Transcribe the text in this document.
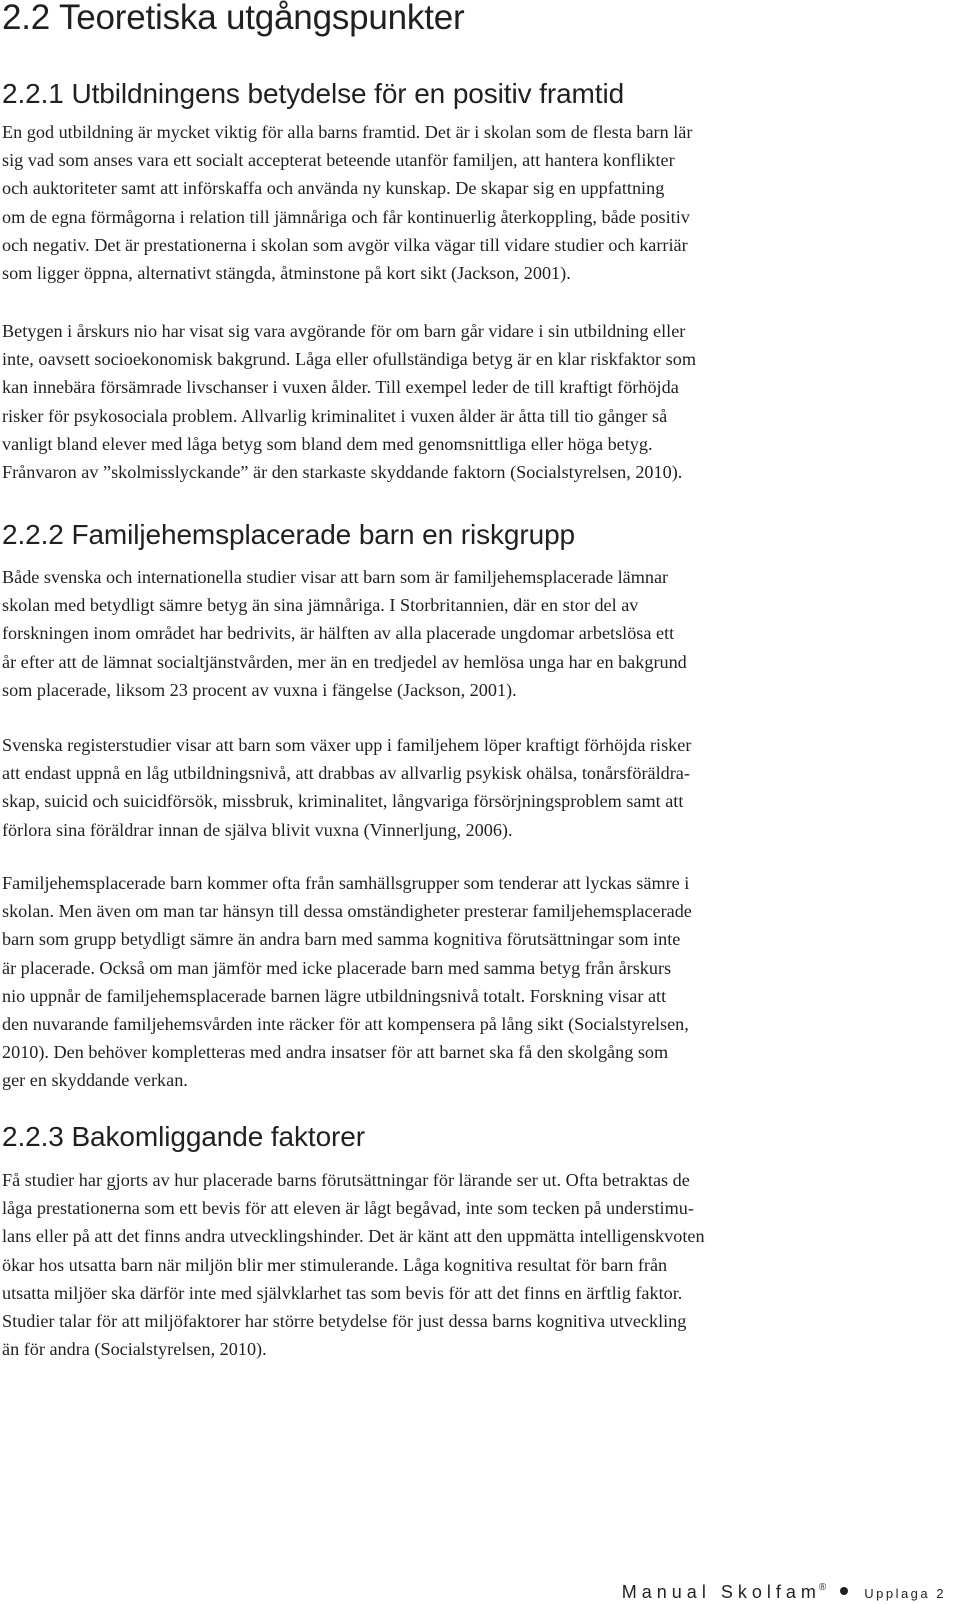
2.2 Teoretiska utgångspunkter
2.2.1 Utbildningens betydelse för en positiv framtid

En god utbildning är mycket viktig för alla barns framtid. Det är i skolan som de flesta barn lär
sig vad som anses vara ett socialt accepterat beteende utanför familjen, att hantera konflikter
och auktoriteter samt att införskaffa och använda ny kunskap. De skapar sig en uppfattning
om de egna förmågorna i relation till jämnåriga och får kontinuerlig återkoppling, både positiv
och negativ. Det är prestationerna i skolan som avgör vilka vägar till vidare studier och karriär
som ligger öppna, alternativt stängda, åtminstone på kort sikt (Jackson, 2001).

Betygen i årskurs nio har visat sig vara avgörande för om barn går vidare i sin utbildning eller
inte, oavsett socioekonomisk bakgrund. Låga eller ofullständiga betyg är en klar riskfaktor som
kan innebära försämrade livschanser i vuxen ålder. Till exempel leder de till kraftigt förhöjda
risker för psykosociala problem. Allvarlig kriminalitet i vuxen ålder är åtta till tio gånger så
vanligt bland elever med låga betyg som bland dem med genomsnittliga eller höga betyg.
Frånvaron av ”skolmisslyckande” är den starkaste skyddande faktorn (Socialstyrelsen, 2010).

2.2.2 Familjehemsplacerade barn en riskgrupp

Både svenska och internationella studier visar att barn som är familjehemsplacerade lämnar
skolan med betydligt sämre betyg än sina jämnåriga. I Storbritannien, där en stor del av
forskningen inom området har bedrivits, är hälften av alla placerade ungdomar arbetslösa ett
år efter att de lämnat socialtjänstvården, mer än en tredjedel av hemlösa unga har en bakgrund
som placerade, liksom 23 procent av vuxna i fängelse (Jackson, 2001).

Svenska registerstudier visar att barn som växer upp i familjehem löper kraftigt förhöjda risker
att endast uppnå en låg utbildningsnivå, att drabbas av allvarlig psykisk ohälsa, tonårsföräldra-
skap, suicid och suicidförsök, missbruk, kriminalitet, långvariga försörjningsproblem samt att
förlora sina föräldrar innan de själva blivit vuxna (Vinnerljung, 2006).

Familjehemsplacerade barn kommer ofta från samhällsgrupper som tenderar att lyckas sämre i
skolan. Men även om man tar hänsyn till dessa omständigheter presterar familjehemsplacerade
barn som grupp betydligt sämre än andra barn med samma kognitiva förutsättningar som inte
är placerade. Också om man jämför med icke placerade barn med samma betyg från årskurs
nio uppnår de familjehemsplacerade barnen lägre utbildningsnivå totalt. Forskning visar att
den nuvarande familjehemsvården inte räcker för att kompensera på lång sikt (Socialstyrelsen,
2010). Den behöver kompletteras med andra insatser för att barnet ska få den skolgång som
ger en skyddande verkan.

2.2.3 Bakomliggande faktorer

Få studier har gjorts av hur placerade barns förutsättningar för lärande ser ut. Ofta betraktas de
låga prestationerna som ett bevis för att eleven är lågt begåvad, inte som tecken på understimu-
lans eller på att det finns andra utvecklingshinder. Det är känt att den uppmätta intelligenskvoten
ökar hos utsatta barn när miljön blir mer stimulerande. Låga kognitiva resultat för barn från
utsatta miljöer ska därför inte med självklarhet tas som bevis för att det finns en ärftlig faktor.
Studier talar för att miljöfaktorer har större betydelse för just dessa barns kognitiva utveckling
än för andra (Socialstyrelsen, 2010).

Manual Skolfam
®	Upplaga 2
